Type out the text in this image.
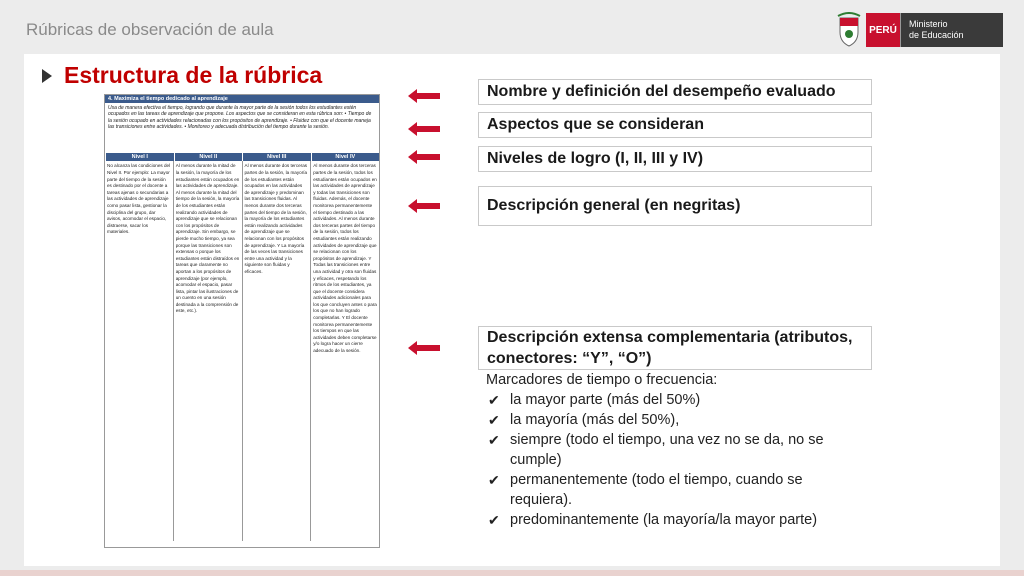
Rúbricas de observación de aula	PERÚ
Ministerio
de Educación
Estructura de la rúbrica
4. Maximiza el tiempo dedicado al aprendizaje
Usa de manera efectiva el tiempo, logrando que durante la mayor parte de la sesión todos los estudiantes estén ocupados en las tareas de aprendizaje que propone. Los aspectos que se consideran en esta rúbrica son: • Tiempo de la sesión ocupado en actividades relacionadas con los propósitos de aprendizaje. • Fluidez con que el docente maneja las transiciones entre actividades. • Monitoreo y adecuada distribución del tiempo durante la sesión.
Nivel I	Nivel II	Nivel III	Nivel IV
No alcanza las condiciones del Nivel II. Por ejemplo: La mayor parte del tiempo de la sesión es destinado por el docente a tareas ajenas o secundarias a las actividades de aprendizaje como pasar lista, gestionar la disciplina del grupo, dar avisos, acomodar el espacio, distraerse, sacar los materiales.
Al menos durante la mitad de la sesión, la mayoría de los estudiantes están ocupados en las actividades de aprendizaje. Al menos durante la mitad del tiempo de la sesión, la mayoría de los estudiantes están realizando actividades de aprendizaje que se relacionan con los propósitos de aprendizaje. Sin embargo, se pierde mucho tiempo, ya sea porque las transiciones son extensas o porque los estudiantes están distraídos en tareas que claramente no aportan a los propósitos de aprendizaje (por ejemplo, acomodar el espacio, pasar lista, pintar las ilustraciones de un cuento en una sesión destinada a la comprensión de este, etc.).
Al menos durante dos terceras partes de la sesión, la mayoría de los estudiantes están ocupados en las actividades de aprendizaje y predominan las transiciones fluidas. Al menos durante dos terceras partes del tiempo de la sesión, la mayoría de los estudiantes están realizando actividades de aprendizaje que se relacionan con los propósitos de aprendizaje. Y La mayoría de las veces las transiciones entre una actividad y la siguiente son fluidas y eficaces.
Al menos durante dos terceras partes de la sesión, todos los estudiantes están ocupados en las actividades de aprendizaje y todas las transiciones son fluidas. Además, el docente monitorea permanentemente el tiempo destinado a las actividades. Al menos durante dos terceras partes del tiempo de la sesión, todos los estudiantes están realizando actividades de aprendizaje que se relacionan con los propósitos de aprendizaje. Y Todas las transiciones entre una actividad y otra son fluidas y eficaces, respetando los ritmos de los estudiantes, ya que el docente considera actividades adicionales para los que concluyen antes o para los que no han logrado completarlas. Y El docente monitorea permanentemente los tiempos en que las actividades deben completarse y/o logra hacer un cierre adecuado de la sesión.
Nombre y definición del desempeño evaluado
Aspectos que se consideran
Niveles de logro (I, II, III y IV)
Descripción general (en negritas)
Descripción extensa complementaria (atributos, conectores: “Y”, “O”)
Marcadores de tiempo o frecuencia:
✔ la mayor parte (más del 50%)
✔ la mayoría (más del 50%),
✔ siempre (todo el tiempo, una vez no se da, no se cumple)
✔ permanentemente (todo el tiempo, cuando se requiera).
✔ predominantemente (la mayoría/la mayor parte)
